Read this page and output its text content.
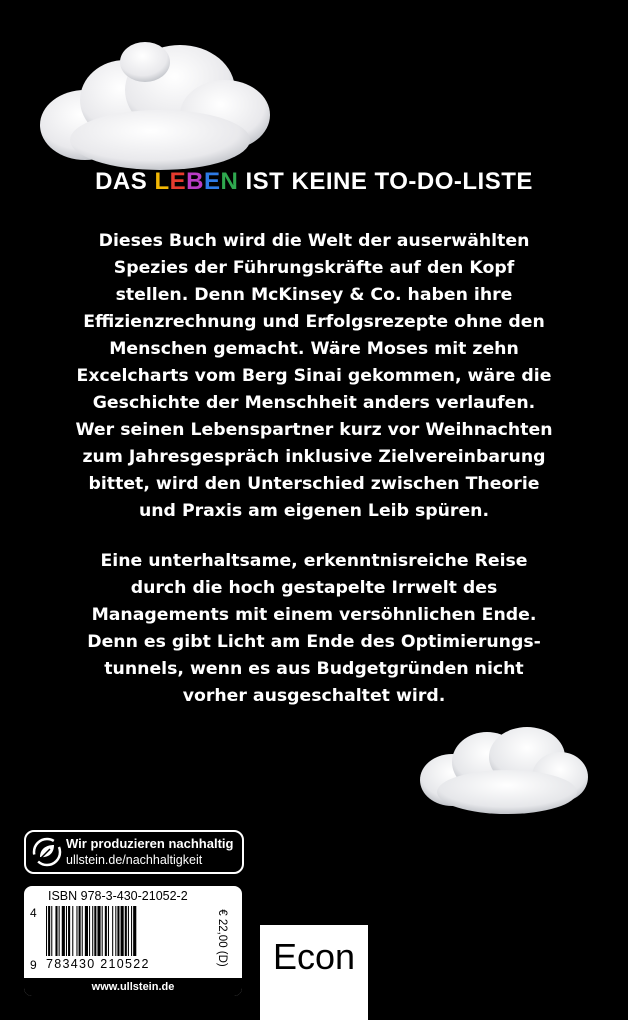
DAS LEBEN IST KEINE TO-DO-LISTE
Dieses Buch wird die Welt der auserwählten
Spezies der Führungskräfte auf den Kopf
stellen. Denn McKinsey & Co. haben ihre
Effizienzrechnung und Erfolgsrezepte ohne den
Menschen gemacht. Wäre Moses mit zehn
Excelcharts vom Berg Sinai gekommen, wäre die
Geschichte der Menschheit anders verlaufen.
Wer seinen Lebenspartner kurz vor Weihnachten
zum Jahresgespräch inklusive Zielvereinbarung
bittet, wird den Unterschied zwischen Theorie
und Praxis am eigenen Leib spüren.
Eine unterhaltsame, erkenntnisreiche Reise
durch die hoch gestapelte Irrwelt des
Managements mit einem versöhnlichen Ende.
Denn es gibt Licht am Ende des Optimierungs-
tunnels, wenn es aus Budgetgründen nicht
vorher ausgeschaltet wird.
Wir produzieren nachhaltig
ullstein.de/nachhaltigkeit
ISBN 978-3-430-21052-2
4
9 783430 210522	€ 22,00 (D)
www.ullstein.de
Econ
